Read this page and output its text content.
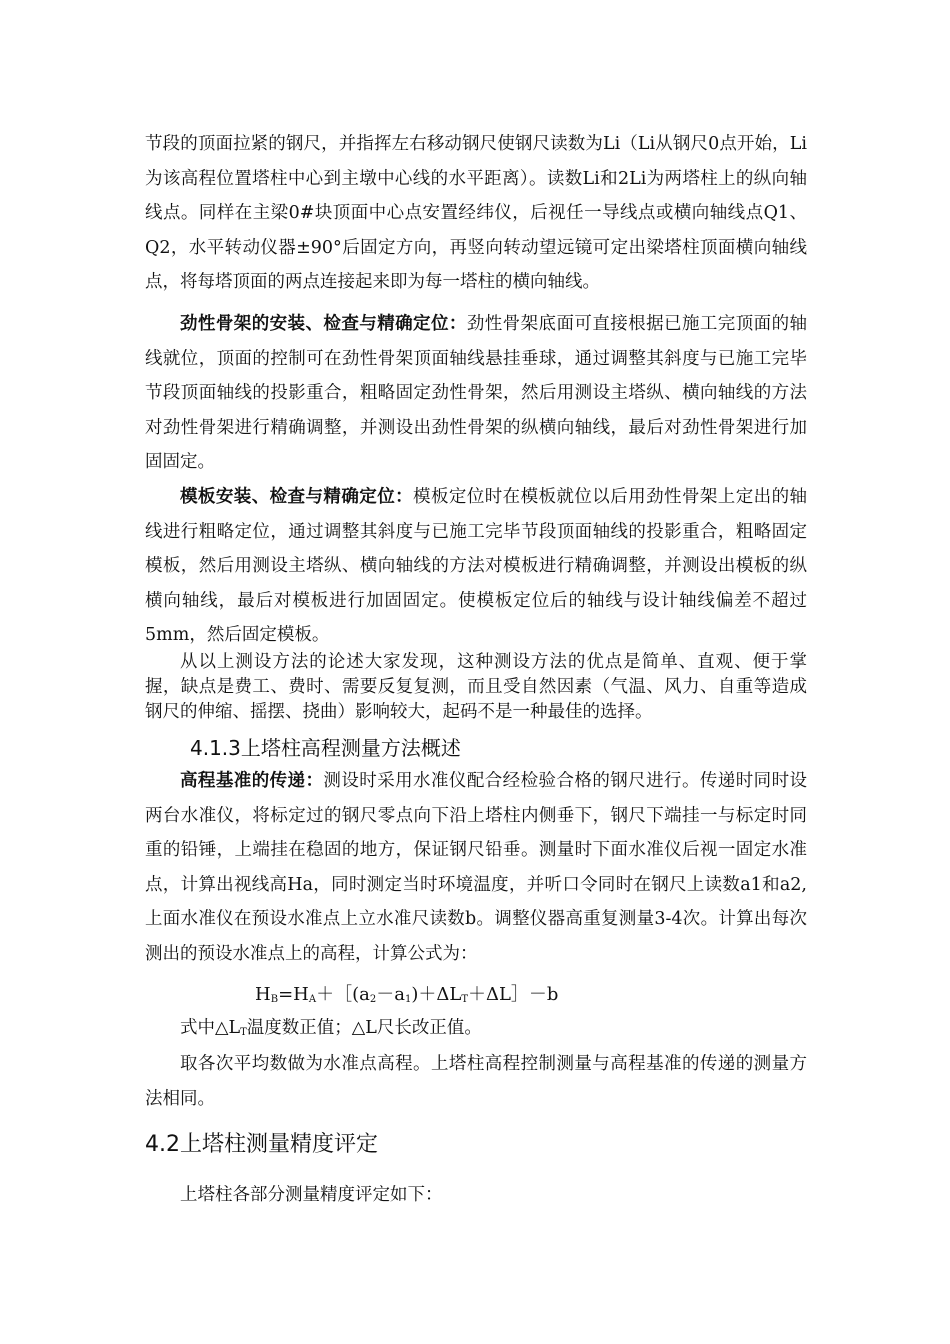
节段的顶面拉紧的钢尺，并指挥左右移动钢尺使钢尺读数为Li（Li从钢尺0点开始，Li为该高程位置塔柱中心到主墩中心线的水平距离）。读数Li和2Li为两塔柱上的纵向轴线点。同样在主梁0#块顶面中心点安置经纬仪，后视任一导线点或横向轴线点Q1、Q2，水平转动仪器±90°后固定方向，再竖向转动望远镜可定出梁塔柱顶面横向轴线点，将每塔顶面的两点连接起来即为每一塔柱的横向轴线。

劲性骨架的安装、检查与精确定位：劲性骨架底面可直接根据已施工完顶面的轴线就位，顶面的控制可在劲性骨架顶面轴线悬挂垂球，通过调整其斜度与已施工完毕节段顶面轴线的投影重合，粗略固定劲性骨架，然后用测设主塔纵、横向轴线的方法对劲性骨架进行精确调整，并测设出劲性骨架的纵横向轴线，最后对劲性骨架进行加固固定。

模板安装、检查与精确定位：模板定位时在模板就位以后用劲性骨架上定出的轴线进行粗略定位，通过调整其斜度与已施工完毕节段顶面轴线的投影重合，粗略固定模板，然后用测设主塔纵、横向轴线的方法对模板进行精确调整，并测设出模板的纵横向轴线，最后对模板进行加固固定。使模板定位后的轴线与设计轴线偏差不超过5mm，然后固定模板。

从以上测设方法的论述大家发现，这种测设方法的优点是简单、直观、便于掌握，缺点是费工、费时、需要反复复测，而且受自然因素（气温、风力、自重等造成钢尺的伸缩、摇摆、挠曲）影响较大，起码不是一种最佳的选择。

4.1.3上塔柱高程测量方法概述

高程基准的传递：测设时采用水准仪配合经检验合格的钢尺进行。传递时同时设两台水准仪，将标定过的钢尺零点向下沿上塔柱内侧垂下，钢尺下端挂一与标定时同重的铅锤，上端挂在稳固的地方，保证钢尺铅垂。测量时下面水准仪后视一固定水准点，计算出视线高Ha，同时测定当时环境温度，并听口令同时在钢尺上读数a1和a2,上面水准仪在预设水准点上立水准尺读数b。调整仪器高重复测量3-4次。计算出每次测出的预设水准点上的高程，计算公式为：

$H_B=H_A+[(a_2-a_1)+\Delta L_T+\Delta L]-b$

式中$\triangle L_T$温度数正值；△L尺长改正值。

取各次平均数做为水准点高程。上塔柱高程控制测量与高程基准的传递的测量方法相同。

4.2上塔柱测量精度评定

上塔柱各部分测量精度评定如下：
